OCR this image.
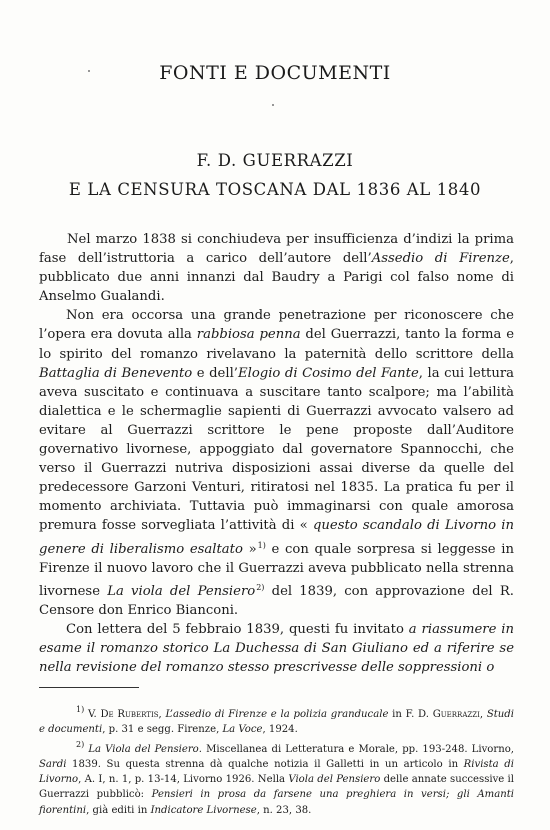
FONTI E DOCUMENTI
F. D. GUERRAZZI
E LA CENSURA TOSCANA DAL 1836 AL 1840

Nel marzo 1838 si conchiudeva per insufficienza d’indizi la prima fase dell’istruttoria a carico dell’autore dell’Assedio di Firenze, pubblicato due anni innanzi dal Baudry a Parigi col falso nome di Anselmo Gualandi.

Non era occorsa una grande penetrazione per riconoscere che l’opera era dovuta alla rabbiosa penna del Guerrazzi, tanto la forma e lo spirito del romanzo rivelavano la paternità dello scrittore della Battaglia di Benevento e dell’Elogio di Cosimo del Fante, la cui lettura aveva suscitato e continuava a suscitare tanto scalpore; ma l’abilità dialettica e le schermaglie sapienti di Guerrazzi avvocato valsero ad evitare al Guerrazzi scrittore le pene proposte dall’Auditore governativo livornese, appoggiato dal governatore Spannocchi, che verso il Guerrazzi nutriva disposizioni assai diverse da quelle del predecessore Garzoni Venturi, ritiratosi nel 1835. La pratica fu per il momento archiviata. Tuttavia può immaginarsi con quale amorosa premura fosse sorvegliata l’attività di « questo scandalo di Livorno in genere di liberalismo esaltato »$^{1)}$ e con quale sorpresa si leggesse in Firenze il nuovo lavoro che il Guerrazzi aveva pubblicato nella strenna livornese La viola del Pensiero$^{2)}$ del 1839, con approvazione del R. Censore don Enrico Bianconi.

Con lettera del 5 febbraio 1839, questi fu invitato a riassumere in esame il romanzo storico La Duchessa di San Giuliano ed a riferire se nella revisione del romanzo stesso prescrivesse delle soppressioni o

$^{1)}$ V. De Rubertis, L’assedio di Firenze e la polizia granducale in F. D. Guerrazzi, Studi e documenti, p. 31 e segg. Firenze, La Voce, 1924.

$^{2)}$ La Viola del Pensiero. Miscellanea di Letteratura e Morale, pp. 193-248. Livorno, Sardi 1839. Su questa strenna dà qualche notizia il Galletti in un articolo in Rivista di Livorno, A. I, n. 1, p. 13-14, Livorno 1926. Nella Viola del Pensiero delle annate successive il Guerrazzi pubblicò: Pensieri in prosa da farsene una preghiera in versi; gli Amanti fiorentini, già editi in Indicatore Livornese, n. 23, 38.
